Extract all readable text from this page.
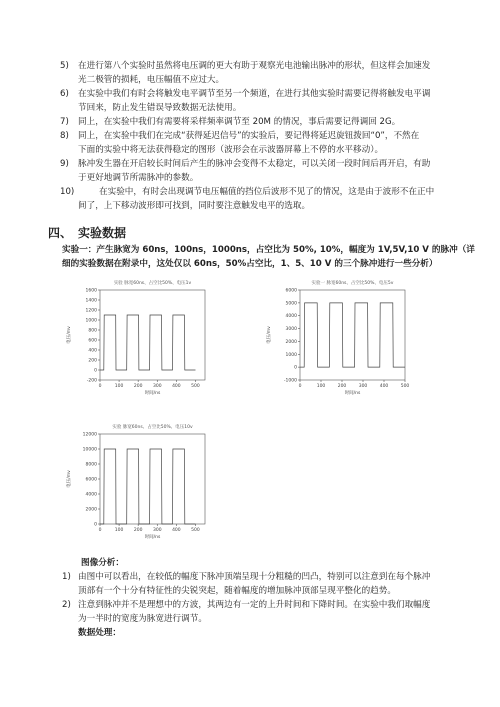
5) 在进行第八个实验时虽然将电压调的更大有助于观察光电池输出脉冲的形状，但这样会加速发
光二极管的损耗，电压幅值不应过大。
6) 在实验中我们有时会将触发电平调节至另一个频道，在进行其他实验时需要记得将触发电平调
节回来，防止发生错误导致数据无法使用。
7) 同上，在实验中我们有需要将采样频率调节至 20M 的情况，事后需要记得调回 2G。
8) 同上，在实验中我们在完成“获得延迟信号”的实验后，要记得将延迟旋钮拨回“0”，不然在
下面的实验中将无法获得稳定的图形（波形会在示波器屏幕上不停的水平移动）。
9) 脉冲发生器在开启较长时间后产生的脉冲会变得不太稳定，可以关闭一段时间后再开启，有助
于更好地调节所需脉冲的参数。
10)	在实验中，有时会出现调节电压幅值的挡位后波形不见了的情况，这是由于波形不在正中
间了，上下移动波形即可找到，同时要注意触发电平的选取。
四、 实验数据
实验一：产生脉宽为 60ns，100ns，1000ns，占空比为 50%, 10%，幅度为 1V,5V,10 V 的脉冲（详
细的实验数据在附录中，这处仅以 60ns，50%占空比，1、5、10 V 的三个脉冲进行一些分析）
实验 脉宽60ns、占空比50%、电压1v
1600
1400
1200
1000
800
600
400
200
0
-200
0	100 200 300 400 500
时间/ns
电压/mv
实验一 脉宽60ns、占空比50%、电压5v
6000
5000
4000
3000
2000
1000
0
-1000
0	100	200	300	400	500
时间/ns
电压/mv
实验 脉宽60ns、占空比50%、电压10v
12000
10000
8000
6000
4000
2000
0
0	100 200 300 400 500
时间/ns
电压/mv
图像分析：
1) 由图中可以看出，在较低的幅度下脉冲顶端呈现十分粗糙的凹凸，特别可以注意到在每个脉冲
顶部有一个十分有特征性的尖锐突起，随着幅度的增加脉冲顶部呈现平整化的趋势。
2) 注意到脉冲并不是理想中的方波，其两边有一定的上升时间和下降时间。在实验中我们取幅度
为一半时的宽度为脉宽进行调节。
数据处理：
